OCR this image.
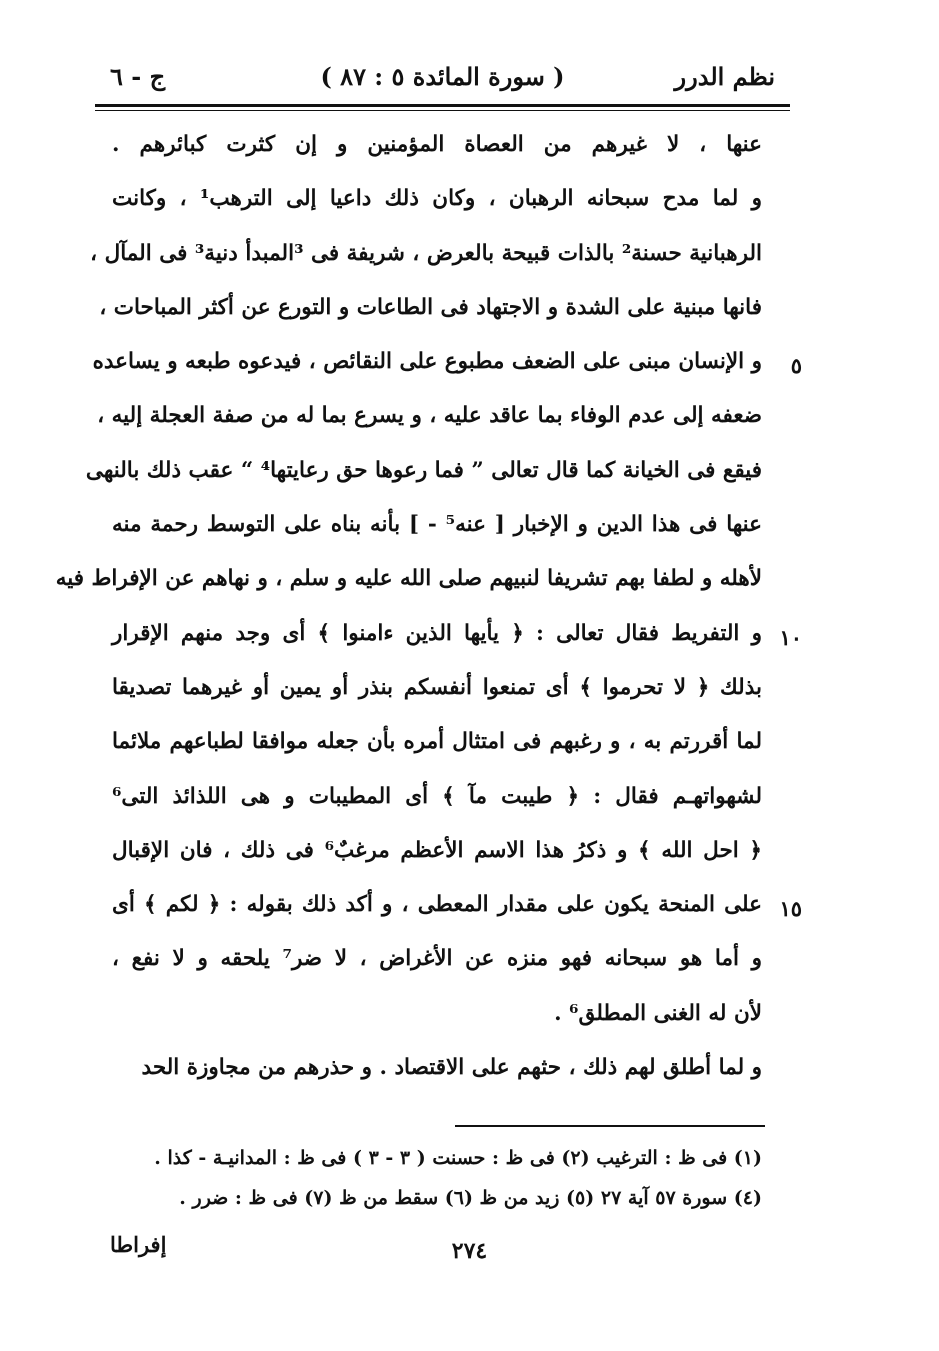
نظم الدرر
( سورة المائدة ٥ : ٨٧ )
ج - ٦
عنها ، لا غيرهم من العصاة المؤمنين و إن كثرت كبائرهم .
و لما مدح سبحانه الرهبان ، وكان ذلك داعيا إلى الترهب¹ ، وكانت
الرهبانية حسنة² بالذات قبيحة بالعرض ، شريفة فى ³المبدأ دنية³ فى المآل ،
فانها مبنية على الشدة و الاجتهاد فى الطاعات و التورع عن أكثر المباحات ،
و الإنسان مبنى على الضعف مطبوع على النقائص ، فيدعوه طبعه و يساعده
ضعفه إلى عدم الوفاء بما عاقد عليه ، و يسرع بما له من صفة العجلة إليه ،
فيقع فى الخيانة كما قال تعالى ” فما رعوها حق رعايتها⁴ “ عقب ذلك بالنهى
عنها فى هذا الدين و الإخبار [ عنه⁵ - ] بأنه بناه على التوسط رحمة منه
لأهله و لطفا بهم تشريفا لنبيهم صلى الله عليه و سلم ، و نهاهم عن الإفراط فيه
و التفريط فقال تعالى : ﴿ يأيها الذين ءامنوا ﴾ أى وجد منهم الإقرار
بذلك ﴿ لا تحرموا ﴾ أى تمنعوا أنفسكم بنذر أو يمين أو غيرهما تصديقا
لما أقررتم به ، و رغبهم فى امتثال أمره بأن جعله موافقا لطباعهم ملائما
لشهواتهـم فقال : ﴿ طيبت مآ ﴾ أى المطيبات و هى اللذائذ التى⁶
﴿ احل الله ﴾ و ذكرُ هذا الاسم الأعظم مرغبٌ⁶ فى ذلك ، فان الإقبال
على المنحة يكون على مقدار المعطى ، و أكد ذلك بقوله : ﴿ لكم ﴾ أى
و أما هو سبحانه فهو منزه عن الأغراض ، لا ضر⁷ يلحقه و لا نفع ،
لأن له الغنى المطلق⁶ .
و لما أطلق لهم ذلك ، حثهم على الاقتصاد . و حذرهم من مجاوزة الحد
٥
١٠
١٥
(١) فى ظ : الترغيب (٢) فى ظ : حسنت ( ٣ - ٣ ) فى ظ : المدانيـة - كذا .
(٤) سورة ٥٧ آية ٢٧ (٥) زيد من ظ (٦) سقط من ظ (٧) فى ظ : ضرر .
٢٧٤
إفراطا
